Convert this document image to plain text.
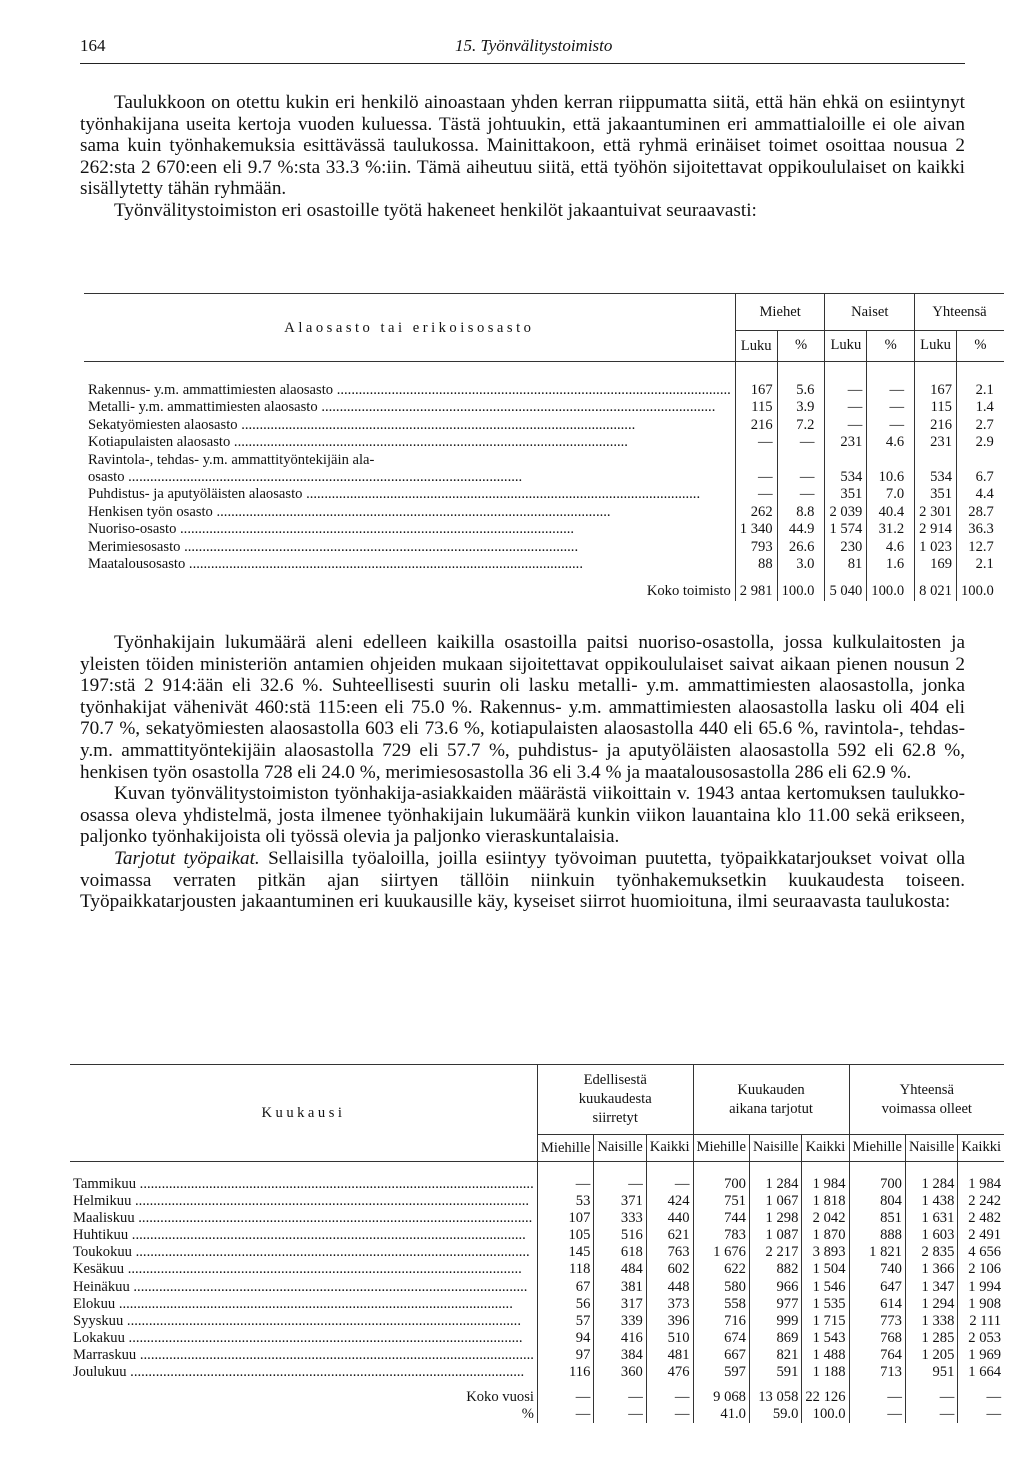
164	15. Työnvälitystoimisto

Taulukkoon on otettu kukin eri henkilö ainoastaan yhden kerran riippumatta siitä, että hän ehkä on esiintynyt työnhakijana useita kertoja vuoden kuluessa. Tästä johtuukin, että jakaantuminen eri ammattialoille ei ole aivan sama kuin työnhakemuksia esittävässä taulukossa. Mainittakoon, että ryhmä erinäiset toimet osoittaa nousua 2 262:sta 2 670:een eli 9.7 %:sta 33.3 %:iin. Tämä aiheutuu siitä, että työhön sijoitettavat oppikoululaiset on kaikki sisällytetty tähän ryhmään.

Työnvälitystoimiston eri osastoille työtä hakeneet henkilöt jakaantuivat seuraavasti:

Alaosasto tai erikoisosasto	Miehet		Naiset		Yhteensä	
	Luku	%	Luku	%	Luku	%

Rakennus- y.m. ammattimiesten alaosasto .....	167	5.6	—	—	167	2.1

Metalli- y.m. ammattimiesten alaosasto .....	115	3.9	—	—	115	1.4

Sekatyömiesten alaosasto .....	216	7.2	—	—	216	2.7

Kotiapulaisten alaosasto .....	—	—	231	4.6	231	2.9

Ravintola-, tehdas- y.m. ammattityöntekijäin ala-						

osasto .....	—	—	534	10.6	534	6.7

Puhdistus- ja aputyöläisten alaosasto .....	—	—	351	7.0	351	4.4

Henkisen työn osasto .....	262	8.8	2 039	40.4	2 301	28.7

Nuoriso-osasto .....	1 340	44.9	1 574	31.2	2 914	36.3

Merimiesosasto .....	793	26.6	230	4.6	1 023	12.7

Maatalousosasto .....	88	3.0	81	1.6	169	2.1

Koko toimisto	2 981	100.0	5 040	100.0	8 021	100.0

Työnhakijain lukumäärä aleni edelleen kaikilla osastoilla paitsi nuoriso-osastolla, jossa kulkulaitosten ja yleisten töiden ministeriön antamien ohjeiden mukaan sijoitettavat oppikoululaiset saivat aikaan pienen nousun 2 197:stä 2 914:ään eli 32.6 %. Suhteellisesti suurin oli lasku metalli- y.m. ammattimiesten alaosastolla, jonka työnhakijat vähenivät 460:stä 115:een eli 75.0 %. Rakennus- y.m. ammattimiesten alaosastolla lasku oli 404 eli 70.7 %, sekatyömiesten alaosastolla 603 eli 73.6 %, kotiapulaisten alaosastolla 440 eli 65.6 %, ravintola-, tehdas- y.m. ammattityöntekijäin alaosastolla 729 eli 57.7 %, puhdistus- ja aputyöläisten alaosastolla 592 eli 62.8 %, henkisen työn osastolla 728 eli 24.0 %, merimiesosastolla 36 eli 3.4 % ja maatalousosastolla 286 eli 62.9 %.

Kuvan työnvälitystoimiston työnhakija-asiakkaiden määrästä viikoittain v. 1943 antaa kertomuksen taulukko-osassa oleva yhdistelmä, josta ilmenee työnhakijain lukumäärä kunkin viikon lauantaina klo 11.00 sekä erikseen, paljonko työnhakijoista oli työssä olevia ja paljonko vieraskuntalaisia.

Tarjotut työpaikat. Sellaisilla työaloilla, joilla esiintyy työvoiman puutetta, työpaikkatarjoukset voivat olla voimassa verraten pitkän ajan siirtyen tällöin niinkuin työnhakemuksetkin kuukaudesta toiseen. Työpaikkatarjousten jakaantuminen eri kuukausille käy, kyseiset siirrot huomioituna, ilmi seuraavasta taulukosta:

Kuukausi	Edellisestä kuukaudesta siirretyt			Kuukauden aikana tarjotut			Yhteensä voimassa olleet		
	Miehille	Naisille	Kaikki	Miehille	Naisille	Kaikki	Miehille	Naisille	Kaikki

Tammikuu .....	—	—	—	700	1 284	1 984	700	1 284	1 984

Helmikuu .....	53	371	424	751	1 067	1 818	804	1 438	2 242

Maaliskuu .....	107	333	440	744	1 298	2 042	851	1 631	2 482

Huhtikuu .....	105	516	621	783	1 087	1 870	888	1 603	2 491

Toukokuu .....	145	618	763	1 676	2 217	3 893	1 821	2 835	4 656

Kesäkuu .....	118	484	602	622	882	1 504	740	1 366	2 106

Heinäkuu .....	67	381	448	580	966	1 546	647	1 347	1 994

Elokuu .....	56	317	373	558	977	1 535	614	1 294	1 908

Syyskuu .....	57	339	396	716	999	1 715	773	1 338	2 111

Lokakuu .....	94	416	510	674	869	1 543	768	1 285	2 053

Marraskuu .....	97	384	481	667	821	1 488	764	1 205	1 969

Joulukuu .....	116	360	476	597	591	1 188	713	951	1 664

Koko vuosi	—	—	—	9 068	13 058	22 126	—	—	—

%	—	—	—	41.0	59.0	100.0	—	—	—
